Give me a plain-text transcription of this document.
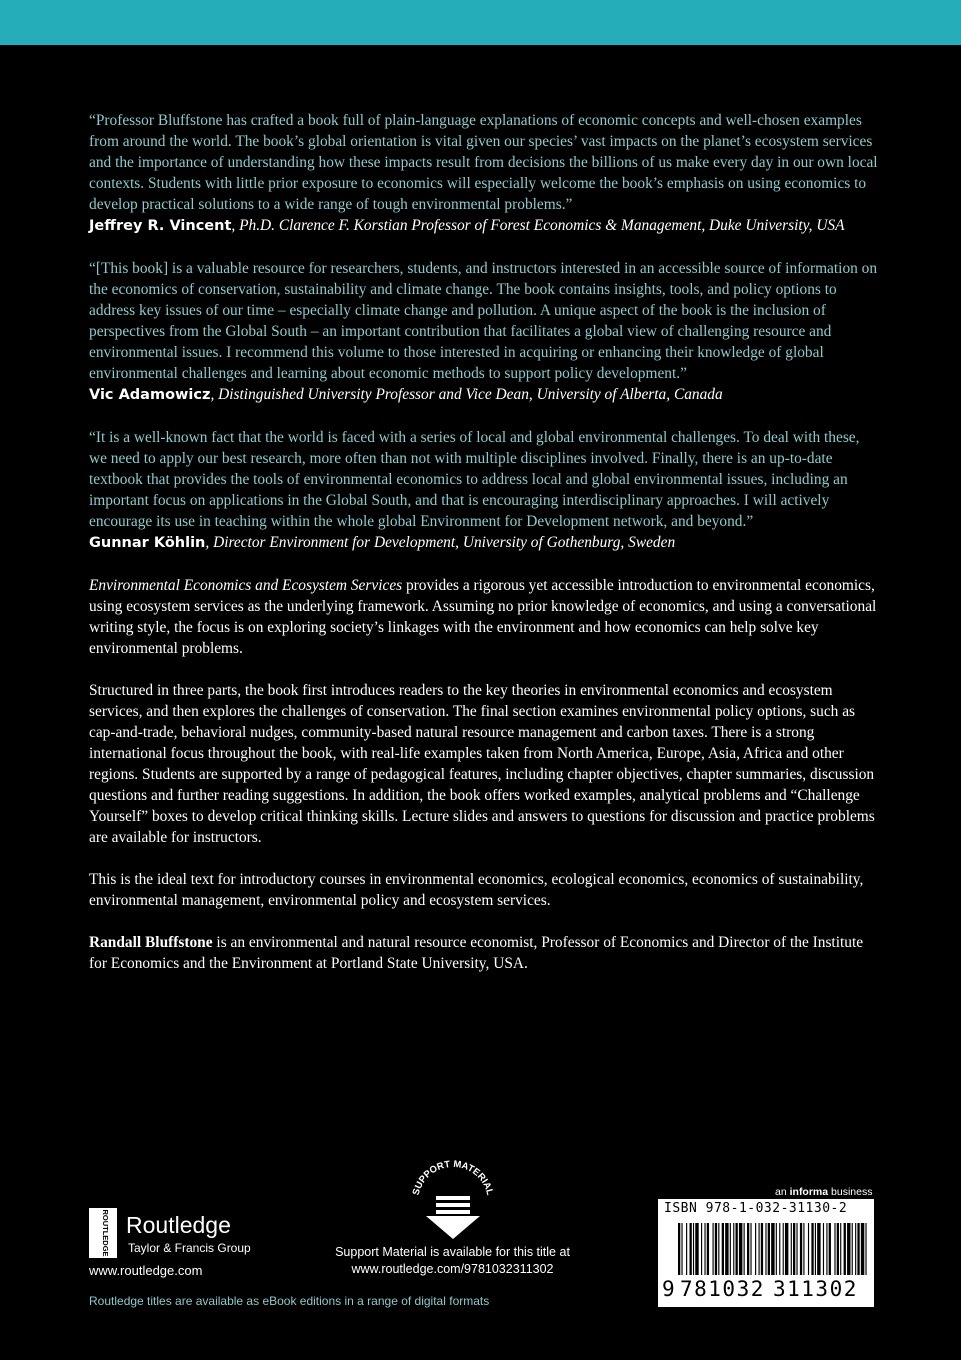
“Professor Bluffstone has crafted a book full of plain-language explanations of economic concepts and well-chosen examples from around the world. The book’s global orientation is vital given our species’ vast impacts on the planet’s ecosystem services and the importance of understanding how these impacts result from decisions the billions of us make every day in our own local contexts. Students with little prior exposure to economics will especially welcome the book’s emphasis on using economics to develop practical solutions to a wide range of tough environmental problems.”

Jeffrey R. Vincent, Ph.D. Clarence F. Korstian Professor of Forest Economics & Management, Duke University, USA

“[This book] is a valuable resource for researchers, students, and instructors interested in an accessible source of information on the economics of conservation, sustainability and climate change. The book contains insights, tools, and policy options to address key issues of our time – especially climate change and pollution. A unique aspect of the book is the inclusion of perspectives from the Global South – an important contribution that facilitates a global view of challenging resource and environmental issues. I recommend this volume to those interested in acquiring or enhancing their knowledge of global environmental challenges and learning about economic methods to support policy development.”

Vic Adamowicz, Distinguished University Professor and Vice Dean, University of Alberta, Canada

“It is a well-known fact that the world is faced with a series of local and global environmental challenges. To deal with these, we need to apply our best research, more often than not with multiple disciplines involved. Finally, there is an up-to-date textbook that provides the tools of environmental economics to address local and global environmental issues, including an important focus on applications in the Global South, and that is encouraging interdisciplinary approaches. I will actively encourage its use in teaching within the whole global Environment for Development network, and beyond.”

Gunnar Köhlin, Director Environment for Development, University of Gothenburg, Sweden

Environmental Economics and Ecosystem Services provides a rigorous yet accessible introduction to environmental economics, using ecosystem services as the underlying framework. Assuming no prior knowledge of economics, and using a conversational writing style, the focus is on exploring society’s linkages with the environment and how economics can help solve key environmental problems.

Structured in three parts, the book first introduces readers to the key theories in environmental economics and ecosystem services, and then explores the challenges of conservation. The final section examines environmental policy options, such as cap-and-trade, behavioral nudges, community-based natural resource management and carbon taxes. There is a strong international focus throughout the book, with real-life examples taken from North America, Europe, Asia, Africa and other regions. Students are supported by a range of pedagogical features, including chapter objectives, chapter summaries, discussion questions and further reading suggestions. In addition, the book offers worked examples, analytical problems and “Challenge Yourself” boxes to develop critical thinking skills. Lecture slides and answers to questions for discussion and practice problems are available for instructors.

This is the ideal text for introductory courses in environmental economics, ecological economics, economics of sustainability, environmental management, environmental policy and ecosystem services.

Randall Bluffstone is an environmental and natural resource economist, Professor of Economics and Director of the Institute for Economics and the Environment at Portland State University, USA.

ROUTLEDGE Routledge
Taylor & Francis Group
www.routledge.com
Routledge titles are available as eBook editions in a range of digital formats
SUPPORT MATERIAL
Support Material is available for this title at
www.routledge.com/9781032311302
an informa business
ISBN 978-1-032-31130-2
9 781032 311302
